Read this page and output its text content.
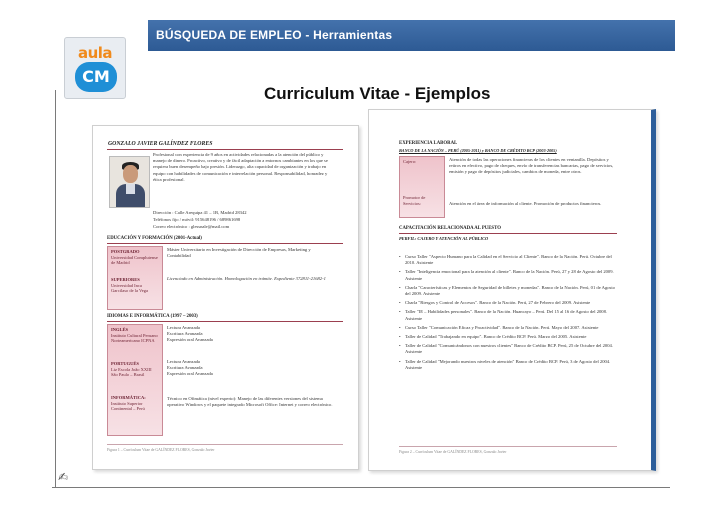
aula
CM
BÚSQUEDA DE EMPLEO - Herramientas
Curriculum Vitae - Ejemplos
✍︎
GONZALO JAVIER GALÍNDEZ FLORES
Profesional con experiencia de 9 años en actividades relacionadas a la atención del público y manejo de dinero. Proactivo, creativo y de fácil adaptación a entornos cambiantes en los que se requiera buen desempeño bajo presión. Liderazgo, alta capacidad de organización y trabajo en equipo con habilidades de comunicación e interrelación personal. Responsabilidad, honradez y ética profesional.
Dirección : Calle Arequipa 41 – 1B, Madrid 28342
Teléfonos fijo / móvil: 915648196 / 689861698
Correo electrónico : glessnale@mail.com
EDUCACIÓN Y FORMACIÓN (2001-Actual)
POSTGRADO
Universidad Complutense de Madrid
SUPERIORES
Universidad Inca Garcilaso de la Vega
Máster Universitario en Investigación de Dirección de Empresas, Marketing y Contabilidad
Licenciado en Administración. Homologación en trámite. Expediente 372811-21682-1
IDIOMAS E INFORMÁTICA (1997 – 2003)
INGLÉS
Instituto Cultural Peruano Norteamericano ICPNA
PORTUGUÉS
Liz Escola João XXIII São Paulo – Brasil
INFORMÁTICA:
Instituto Superior Continental – Perú
Lectura Avanzada
Escritura Avanzada
Expresión oral Avanzada
Lectura Avanzada
Escritura Avanzada
Expresión oral Avanzada
Técnico en Ofimática (nivel experto): Manejo de las diferentes versiones del sistema operativo Windows y el paquete integrado Microsoft Office: Internet y correo electrónico.
Figura 1 – Currículum Vitae de GALÍNDEZ FLORES, Gonzalo Javier
EXPERIENCIA LABORAL
BANCO DE LA NACIÓN – PERÚ (2005-2011) y BANCO DE CRÉDITO BCP (2003-2005)
Cajero:
Promotor de Servicios:
Atención de todas las operaciones financieras de los clientes en ventanilla. Depósitos y retiros en efectivo, pago de cheques, envío de transferencias bancarias, pago de servicios, emisión y pago de depósitos judiciales, cambios de moneda, entre otros.
Atención en el área de información al cliente. Promoción de productos financieros.
CAPACITACIÓN RELACIONADA AL PUESTO
PERFIL: CAJERO Y ATENCIÓN AL PÚBLICO
• Curso Taller "Aspecto Humano para la Calidad en el Servicio al Cliente". Banco de la Nación. Perú. Octubre del 2010. Asistente
• Taller "Inteligencia emocional para la atención al cliente". Banco de la Nación. Perú, 27 y 28 de Agosto del 2009. Asistente
• Charla "Características y Elementos de Seguridad de billetes y monedas". Banco de la Nación. Perú, 01 de Agosto del 2009. Asistente
• Charla "Riesgos y Control de Accesos". Banco de la Nación. Perú, 27 de Febrero del 2009. Asistente
• Taller "IE – Habilidades personales". Banco de la Nación. Huancayo – Perú. Del 15 al 16 de Agosto del 2008. Asistente
• Curso Taller "Comunicación Eficaz y Proactividad". Banco de la Nación. Perú. Mayo del 2007. Asistente
• Taller de Calidad "Trabajando en equipo". Banco de Crédito BCP. Perú. Marzo del 2005. Asistente
• Taller de Calidad "Comunicándonos con nuestros clientes" Banco de Crédito BCP. Perú, 25 de Octubre del 2004. Asistente
• Taller de Calidad "Mejorando nuestros niveles de atención" Banco de Crédito BCP. Perú, 3 de Agosto del 2004. Asistente
Figura 2 – Currículum Vitae de GALÍNDEZ FLORES, Gonzalo Javier
